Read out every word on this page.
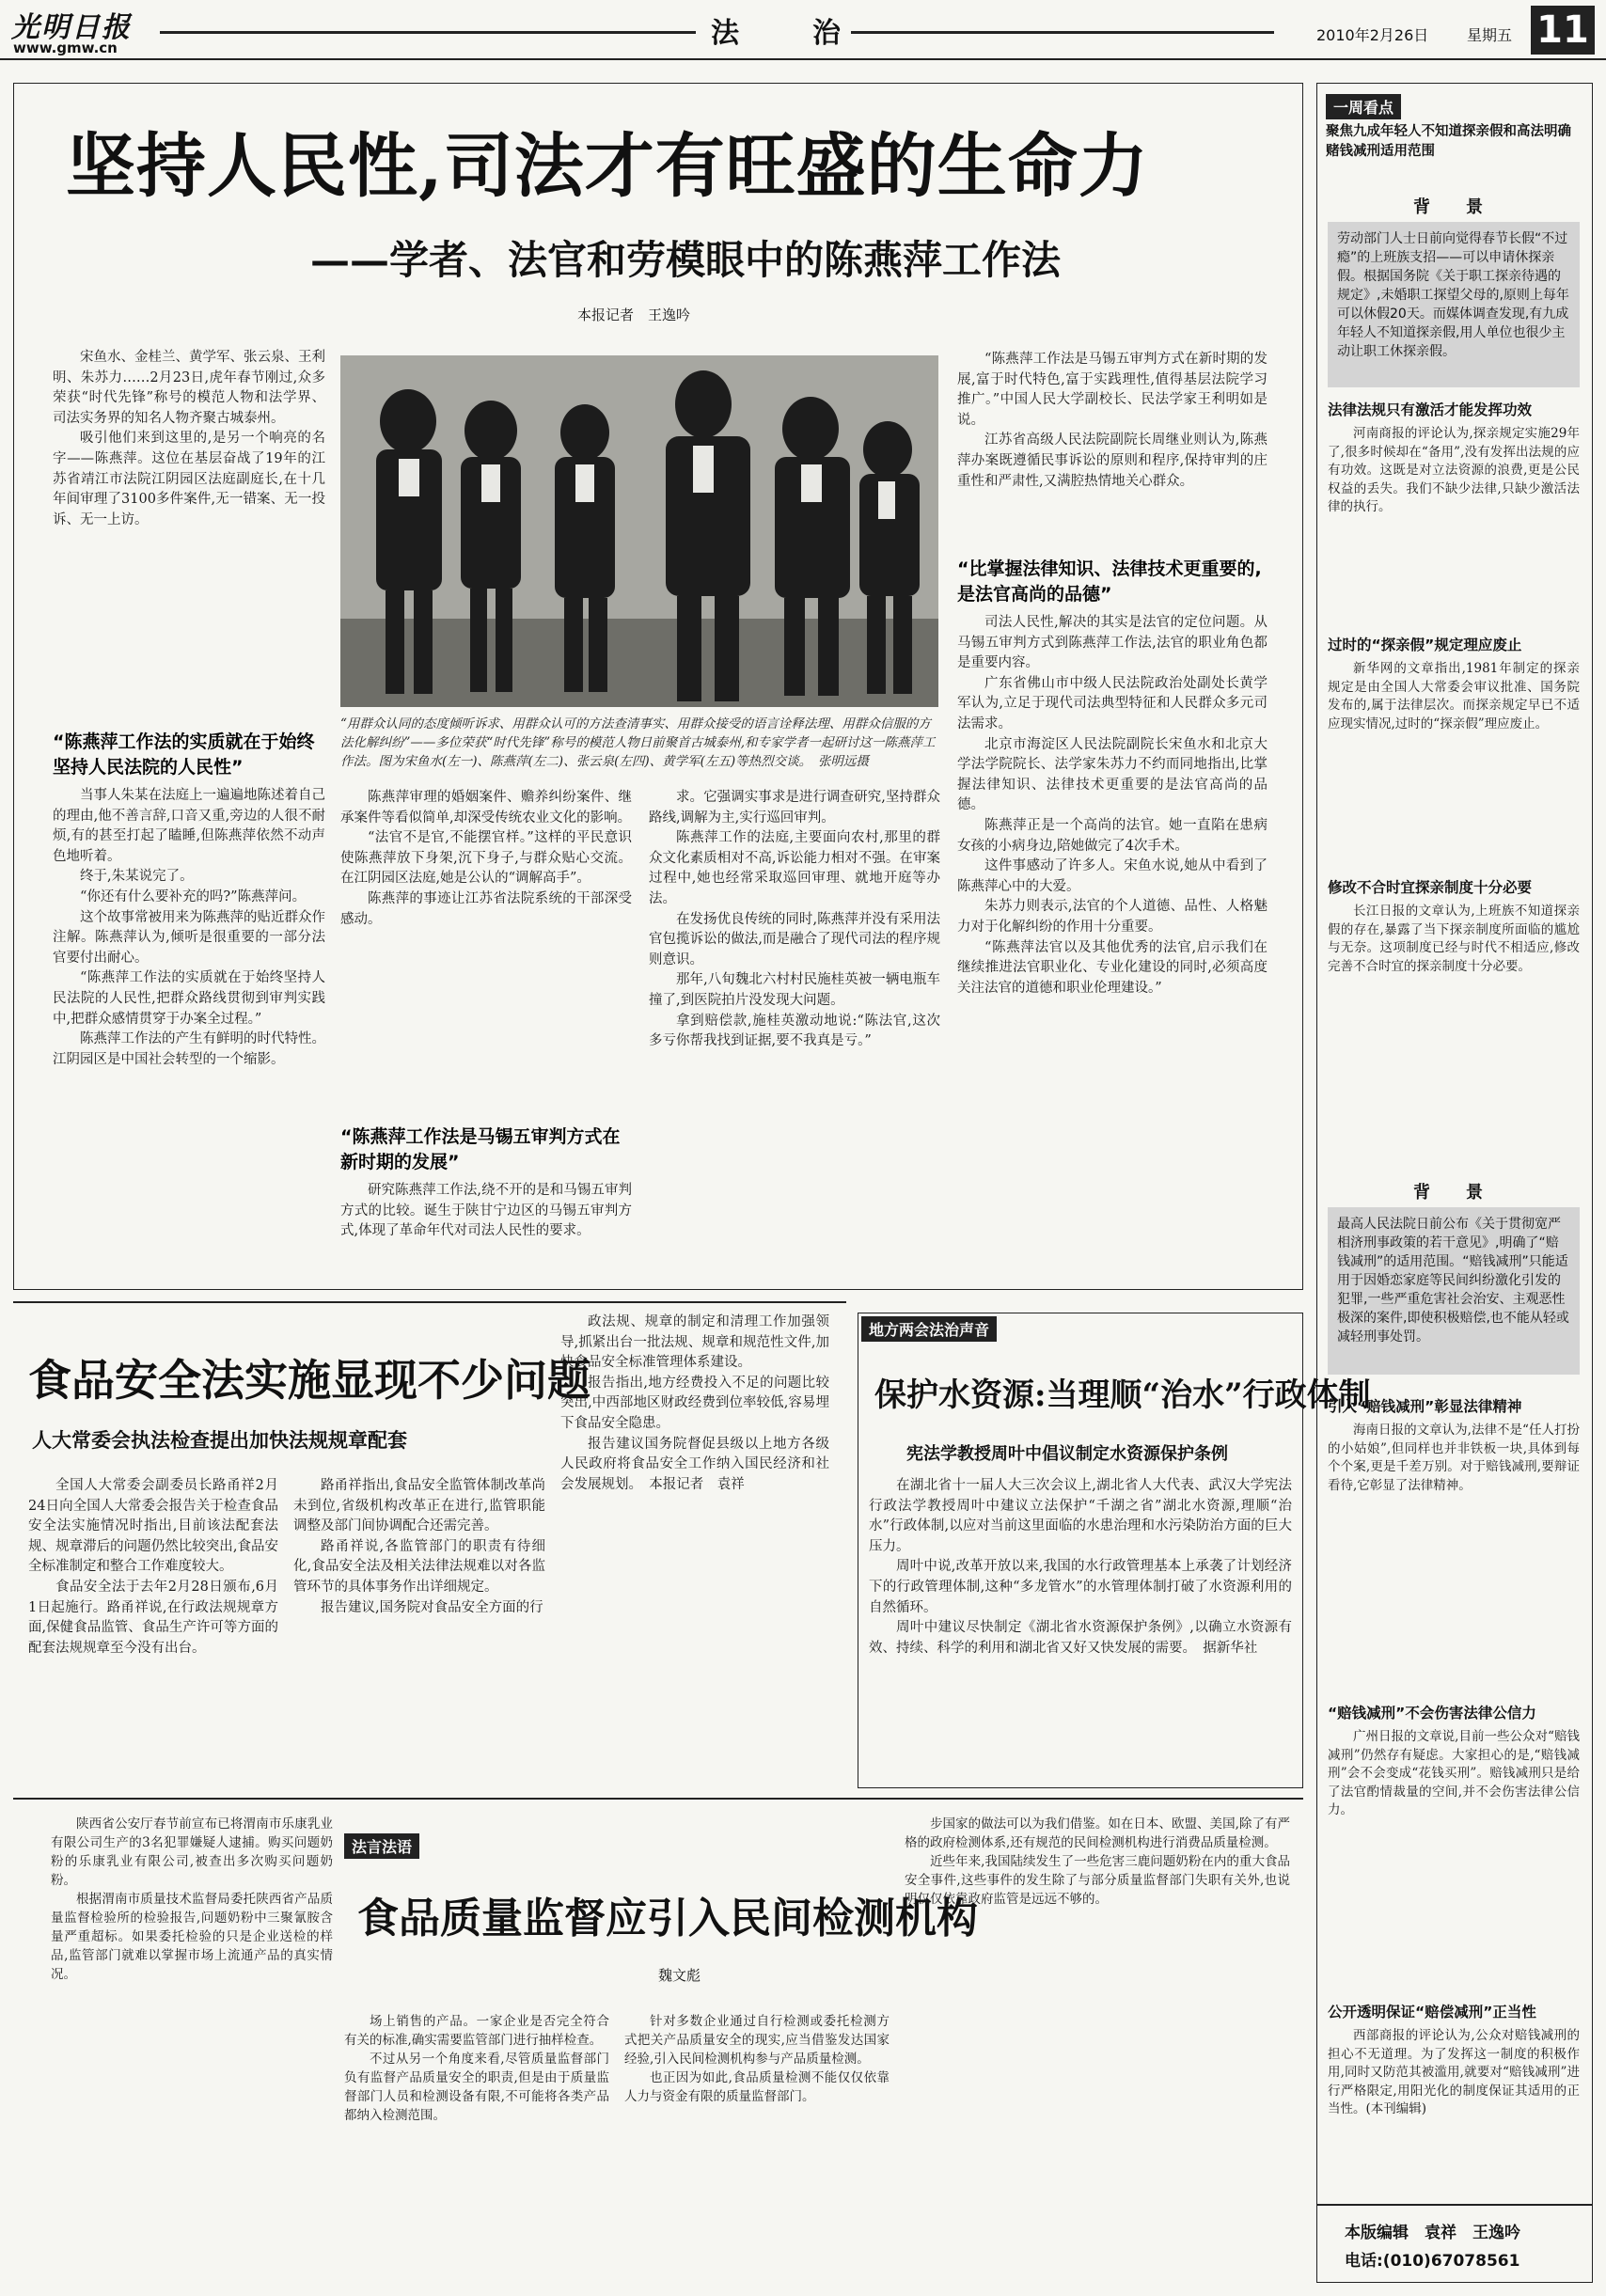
光明日报
www.gmw.cn	法　　治	2010年2月26日	星期五 11
坚持人民性,司法才有旺盛的生命力
——学者、法官和劳模眼中的陈燕萍工作法
本报记者　王逸吟

宋鱼水、金桂兰、黄学军、张云泉、王利明、朱苏力……2月23日,虎年春节刚过,众多荣获“时代先锋”称号的模范人物和法学界、司法实务界的知名人物齐聚古城泰州。

吸引他们来到这里的,是另一个响亮的名字——陈燕萍。这位在基层奋战了19年的江苏省靖江市法院江阴园区法庭副庭长,在十几年间审理了3100多件案件,无一错案、无一投诉、无一上访。

“陈燕萍工作法的实质就在于始终坚持人民法院的人民性”

当事人朱某在法庭上一遍遍地陈述着自己的理由,他不善言辞,口音又重,旁边的人很不耐烦,有的甚至打起了瞌睡,但陈燕萍依然不动声色地听着。

终于,朱某说完了。

“你还有什么要补充的吗?”陈燕萍问。

这个故事常被用来为陈燕萍的贴近群众作注解。陈燕萍认为,倾听是很重要的一部分法官要付出耐心。

“陈燕萍工作法的实质就在于始终坚持人民法院的人民性,把群众路线贯彻到审判实践中,把群众感情贯穿于办案全过程。”

陈燕萍工作法的产生有鲜明的时代特性。江阴园区是中国社会转型的一个缩影。

“用群众认同的态度倾听诉求、用群众认可的方法查清事实、用群众接受的语言诠释法理、用群众信服的方法化解纠纷”——多位荣获“时代先锋”称号的模范人物日前聚首古城泰州,和专家学者一起研讨这一陈燕萍工作法。图为宋鱼水(左一)、陈燕萍(左二)、张云泉(左四)、黄学军(左五)等热烈交谈。　张明远摄

陈燕萍审理的婚姻案件、赡养纠纷案件、继承案件等看似简单,却深受传统农业文化的影响。

“法官不是官,不能摆官样。”这样的平民意识使陈燕萍放下身架,沉下身子,与群众贴心交流。在江阴园区法庭,她是公认的“调解高手”。

陈燕萍的事迹让江苏省法院系统的干部深受感动。

“陈燕萍工作法是马锡五审判方式在新时期的发展”

研究陈燕萍工作法,绕不开的是和马锡五审判方式的比较。诞生于陕甘宁边区的马锡五审判方式,体现了革命年代对司法人民性的要求。

求。它强调实事求是进行调查研究,坚持群众路线,调解为主,实行巡回审判。

陈燕萍工作的法庭,主要面向农村,那里的群众文化素质相对不高,诉讼能力相对不强。在审案过程中,她也经常采取巡回审理、就地开庭等办法。

在发扬优良传统的同时,陈燕萍并没有采用法官包揽诉讼的做法,而是融合了现代司法的程序规则意识。

那年,八旬魏北六村村民施桂英被一辆电瓶车撞了,到医院拍片没发现大问题。

拿到赔偿款,施桂英激动地说:“陈法官,这次多亏你帮我找到证据,要不我真是亏。”

“陈燕萍工作法是马锡五审判方式在新时期的发展,富于时代特色,富于实践理性,值得基层法院学习推广。”中国人民大学副校长、民法学家王利明如是说。

江苏省高级人民法院副院长周继业则认为,陈燕萍办案既遵循民事诉讼的原则和程序,保持审判的庄重性和严肃性,又满腔热情地关心群众。

“比掌握法律知识、法律技术更重要的,是法官高尚的品德”

司法人民性,解决的其实是法官的定位问题。从马锡五审判方式到陈燕萍工作法,法官的职业角色都是重要内容。

广东省佛山市中级人民法院政治处副处长黄学军认为,立足于现代司法典型特征和人民群众多元司法需求。

北京市海淀区人民法院副院长宋鱼水和北京大学法学院院长、法学家朱苏力不约而同地指出,比掌握法律知识、法律技术更重要的是法官高尚的品德。

陈燕萍正是一个高尚的法官。她一直陷在患病女孩的小病身边,陪她做完了4次手术。

这件事感动了许多人。宋鱼水说,她从中看到了陈燕萍心中的大爱。

朱苏力则表示,法官的个人道德、品性、人格魅力对于化解纠纷的作用十分重要。

“陈燕萍法官以及其他优秀的法官,启示我们在继续推进法官职业化、专业化建设的同时,必须高度关注法官的道德和职业伦理建设。”

一周看点
聚焦九成年轻人不知道探亲假和高法明确赌钱减刑适用范围
背　景
劳动部门人士日前向觉得春节长假“不过瘾”的上班族支招——可以申请休探亲假。根据国务院《关于职工探亲待遇的规定》,未婚职工探望父母的,原则上每年可以休假20天。而媒体调查发现,有九成年轻人不知道探亲假,用人单位也很少主动让职工休探亲假。
法律法规只有激活才能发挥功效
河南商报的评论认为,探亲规定实施29年了,很多时候却在“备用”,没有发挥出法规的应有功效。这既是对立法资源的浪费,更是公民权益的丢失。我们不缺少法律,只缺少激活法律的执行。
过时的“探亲假”规定理应废止
新华网的文章指出,1981年制定的探亲规定是由全国人大常委会审议批准、国务院发布的,属于法律层次。而探亲规定早已不适应现实情况,过时的“探亲假”理应废止。
修改不合时宜探亲制度十分必要
长江日报的文章认为,上班族不知道探亲假的存在,暴露了当下探亲制度所面临的尴尬与无奈。这项制度已经与时代不相适应,修改完善不合时宜的探亲制度十分必要。
背　景
最高人民法院日前公布《关于贯彻宽严相济刑事政策的若干意见》,明确了“赔钱减刑”的适用范围。“赔钱减刑”只能适用于因婚恋家庭等民间纠纷激化引发的犯罪,一些严重危害社会治安、主观恶性极深的案件,即使积极赔偿,也不能从轻或减轻刑事处罚。
引入“赔钱减刑”彰显法律精神
海南日报的文章认为,法律不是“任人打扮的小姑娘”,但同样也并非铁板一块,具体到每个个案,更是千差万别。对于赔钱减刑,要辩证看待,它彰显了法律精神。
“赔钱减刑”不会伤害法律公信力
广州日报的文章说,目前一些公众对“赔钱减刑”仍然存有疑虑。大家担心的是,“赔钱减刑”会不会变成“花钱买刑”。赔钱减刑只是给了法官酌情裁量的空间,并不会伤害法律公信力。
公开透明保证“赔偿减刑”正当性
西部商报的评论认为,公众对赔钱减刑的担心不无道理。为了发挥这一制度的积极作用,同时又防范其被滥用,就要对“赔钱减刑”进行严格限定,用阳光化的制度保证其适用的正当性。(本刊编辑)
本版编辑　袁祥　王逸吟
电话:(010)67078561
食品安全法实施显现不少问题
人大常委会执法检查提出加快法规规章配套

全国人大常委会副委员长路甬祥2月24日向全国人大常委会报告关于检查食品安全法实施情况时指出,目前该法配套法规、规章滞后的问题仍然比较突出,食品安全标准制定和整合工作难度较大。

食品安全法于去年2月28日颁布,6月1日起施行。路甬祥说,在行政法规规章方面,保健食品监管、食品生产许可等方面的配套法规规章至今没有出台。

路甬祥指出,食品安全监管体制改革尚未到位,省级机构改革正在进行,监管职能调整及部门间协调配合还需完善。

路甬祥说,各监管部门的职责有待细化,食品安全法及相关法律法规难以对各监管环节的具体事务作出详细规定。

报告建议,国务院对食品安全方面的行

政法规、规章的制定和清理工作加强领导,抓紧出台一批法规、规章和规范性文件,加快食品安全标准管理体系建设。

报告指出,地方经费投入不足的问题比较突出,中西部地区财政经费到位率较低,容易埋下食品安全隐患。

报告建议国务院督促县级以上地方各级人民政府将食品安全工作纳入国民经济和社会发展规划。　本报记者　袁祥

地方两会法治声音
保护水资源:当理顺“治水”行政体制
宪法学教授周叶中倡议制定水资源保护条例

在湖北省十一届人大三次会议上,湖北省人大代表、武汉大学宪法行政法学教授周叶中建议立法保护“千湖之省”湖北水资源,理顺“治水”行政体制,以应对当前这里面临的水患治理和水污染防治方面的巨大压力。

周叶中说,改革开放以来,我国的水行政管理基本上承袭了计划经济下的行政管理体制,这种“多龙管水”的水管理体制打破了水资源利用的自然循环。

周叶中建议尽快制定《湖北省水资源保护条例》,以确立水资源有效、持续、科学的利用和湖北省又好又快发展的需要。　据新华社

陕西省公安厅春节前宣布已将渭南市乐康乳业有限公司生产的3名犯罪嫌疑人逮捕。购买问题奶粉的乐康乳业有限公司,被查出多次购买问题奶粉。

根据渭南市质量技术监督局委托陕西省产品质量监督检验所的检验报告,问题奶粉中三聚氰胺含量严重超标。如果委托检验的只是企业送检的样品,监管部门就难以掌握市场上流通产品的真实情况。

法言法语
食品质量监督应引入民间检测机构
魏文彪

场上销售的产品。一家企业是否完全符合有关的标准,确实需要监管部门进行抽样检查。

不过从另一个角度来看,尽管质量监督部门负有监督产品质量安全的职责,但是由于质量监督部门人员和检测设备有限,不可能将各类产品都纳入检测范围。

针对多数企业通过自行检测或委托检测方式把关产品质量安全的现实,应当借鉴发达国家经验,引入民间检测机构参与产品质量检测。

也正因为如此,食品质量检测不能仅仅依靠人力与资金有限的质量监督部门。

步国家的做法可以为我们借鉴。如在日本、欧盟、美国,除了有严格的政府检测体系,还有规范的民间检测机构进行消费品质量检测。

近些年来,我国陆续发生了一些危害三鹿问题奶粉在内的重大食品安全事件,这些事件的发生除了与部分质量监督部门失职有关外,也说明仅仅依靠政府监管是远远不够的。
